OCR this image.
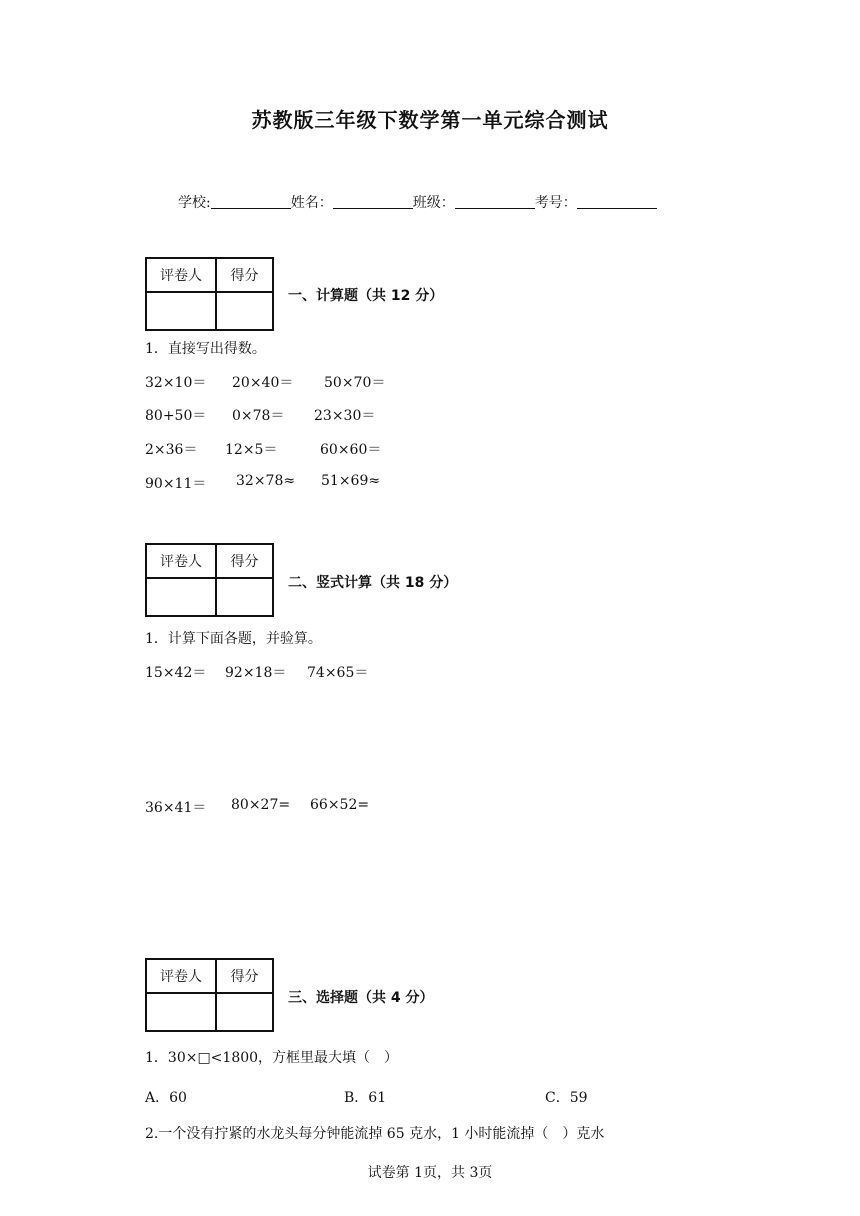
苏教版三年级下数学第一单元综合测试
学校:	姓名：	班级：	考号：
评卷人	得分

一、计算题（共 12 分）
1．直接写出得数。
32×10＝ 20×40＝ 50×70＝
80+50＝ 0×78＝ 23×30＝
2×36＝ 12×5＝	60×60＝
90×11＝ 32×78≈ 51×69≈
评卷人	得分

二、竖式计算（共 18 分）
1．计算下面各题，并验算。
15×42＝ 92×18＝ 74×65＝
36×41＝ 80×27= 66×52=
评卷人	得分

三、选择题（共 4 分）
1．30×□<1800，方框里最大填（　）
A．60	B．61	C．59
2.一个没有拧紧的水龙头每分钟能流掉 65 克水，1 小时能流掉（　）克水
试卷第 1页，共 3页
